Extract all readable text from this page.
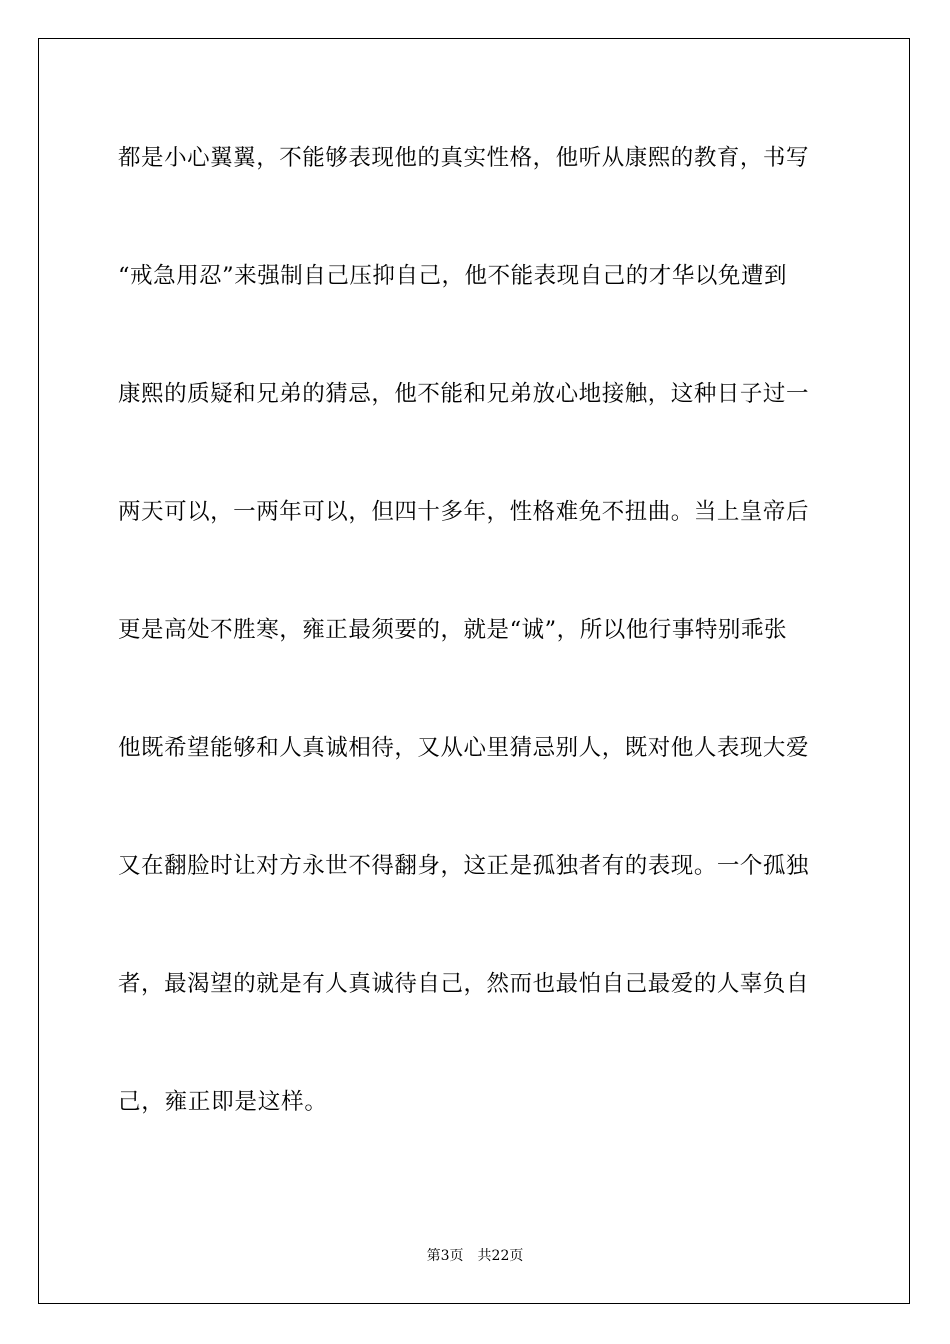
都是小心翼翼，不能够表现他的真实性格，他听从康熙的教育，书写
“戒急用忍”来强制自己压抑自己，他不能表现自己的才华以免遭到
康熙的质疑和兄弟的猜忌，他不能和兄弟放心地接触，这种日子过一
两天可以，一两年可以，但四十多年，性格难免不扭曲。当上皇帝后
更是高处不胜寒，雍正最须要的，就是“诚”，所以他行事特别乖张
他既希望能够和人真诚相待，又从心里猜忌别人，既对他人表现大爱
又在翻脸时让对方永世不得翻身，这正是孤独者有的表现。一个孤独
者，最渴望的就是有人真诚待自己，然而也最怕自己最爱的人辜负自
己，雍正即是这样。
第3页 共22页
